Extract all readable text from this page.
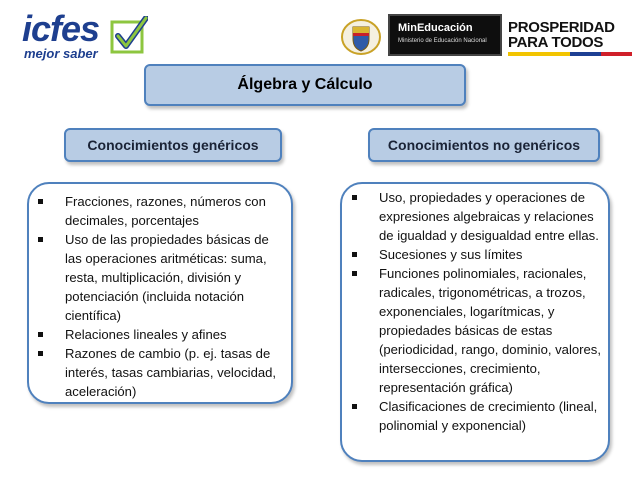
icfes
mejor saber
MinEducación
Ministerio de Educación Nacional
PROSPERIDAD
PARA TODOS
Álgebra y Cálculo
Conocimientos genéricos	Conocimientos no genéricos
Fracciones, razones, números con decimales, porcentajes
Uso de las propiedades básicas de las operaciones aritméticas: suma, resta, multiplicación, división y potenciación (incluida notación científica)
Relaciones lineales y afines
Razones de cambio (p. ej. tasas de interés, tasas cambiarias, velocidad, aceleración)
Uso, propiedades y operaciones de expresiones algebraicas y relaciones de igualdad y desigualdad entre ellas.
Sucesiones y sus límites
Funciones polinomiales, racionales, radicales, trigonométricas, a trozos, exponenciales, logarítmicas, y propiedades básicas de estas (periodicidad, rango, dominio, valores, intersecciones, crecimiento, representación gráfica)
Clasificaciones de crecimiento (lineal, polinomial y exponencial)
